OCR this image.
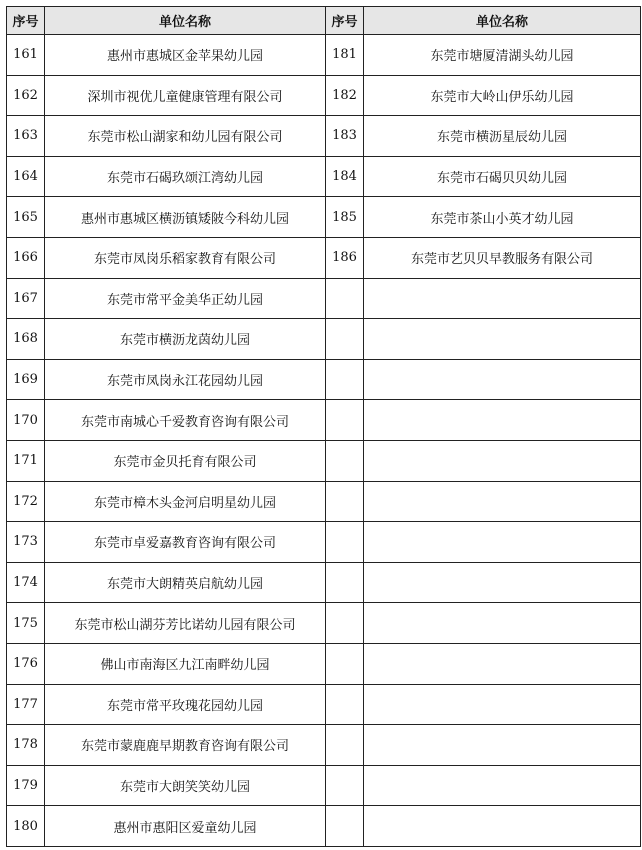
序号	单位名称	序号	单位名称
161	惠州市惠城区金苹果幼儿园	181	东莞市塘厦清湖头幼儿园
162	深圳市视优儿童健康管理有限公司	182	东莞市大岭山伊乐幼儿园
163	东莞市松山湖家和幼儿园有限公司	183	东莞市横沥星辰幼儿园
164	东莞市石碣玖颂江湾幼儿园	184	东莞市石碣贝贝幼儿园
165	惠州市惠城区横沥镇矮陂今科幼儿园	185	东莞市茶山小英才幼儿园
166	东莞市凤岗乐稻家教育有限公司	186	东莞市艺贝贝早教服务有限公司
167	东莞市常平金美华正幼儿园		
168	东莞市横沥龙茵幼儿园		
169	东莞市凤岗永江花园幼儿园		
170	东莞市南城心千爱教育咨询有限公司		
171	东莞市金贝托育有限公司		
172	东莞市樟木头金河启明星幼儿园		
173	东莞市卓爱嘉教育咨询有限公司		
174	东莞市大朗精英启航幼儿园		
175	东莞市松山湖芬芳比诺幼儿园有限公司		
176	佛山市南海区九江南畔幼儿园		
177	东莞市常平玫瑰花园幼儿园		
178	东莞市蒙鹿鹿早期教育咨询有限公司		
179	东莞市大朗笑笑幼儿园		
180	惠州市惠阳区爱童幼儿园		
